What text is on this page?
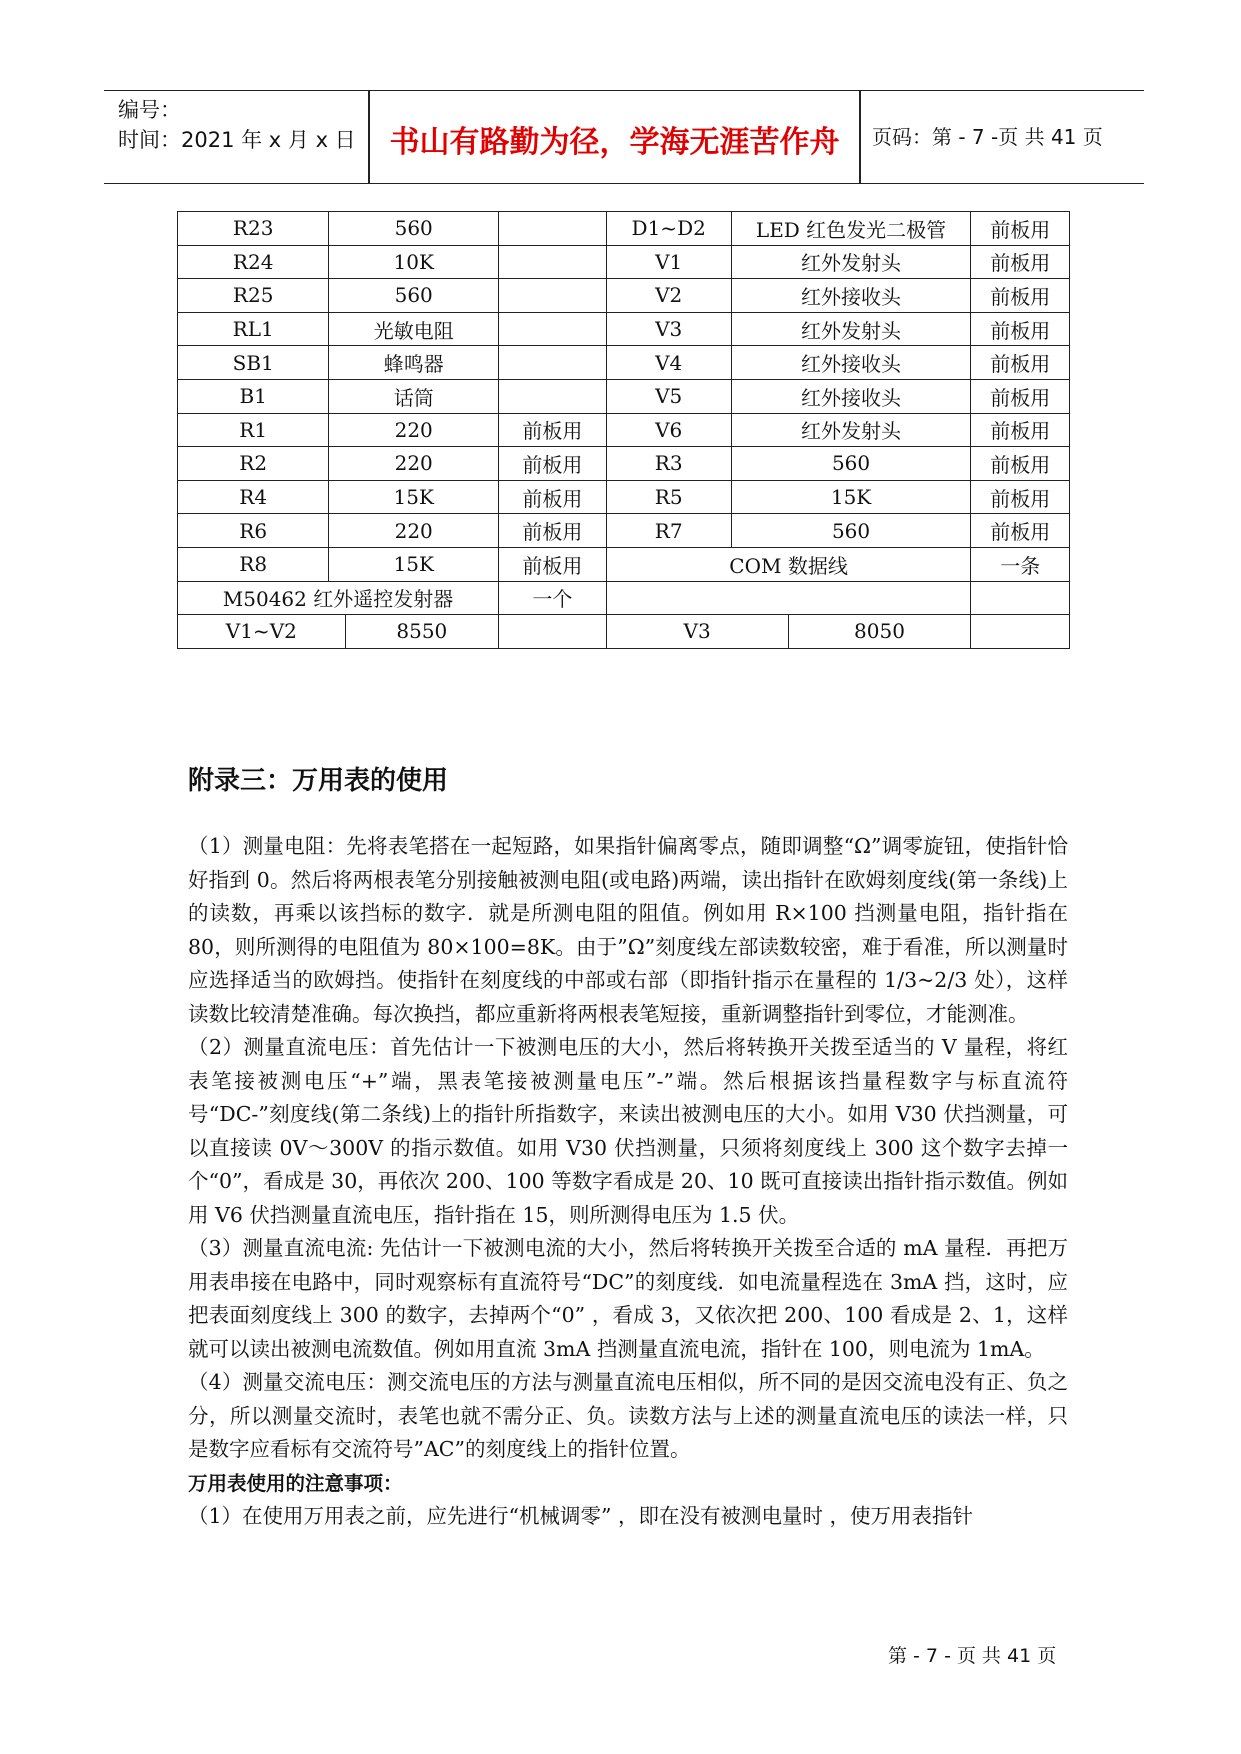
编号：
时间：2021 年 x 月 x 日	书山有路勤为径，学海无涯苦作舟	页码：第 - 7 -页 共 41 页
R23	560			D1~D2	LED 红色发光二极管		前板用
R24	10K			V1	红外发射头		前板用
R25	560			V2	红外接收头		前板用
RL1	光敏电阻			V3	红外发射头		前板用
SB1	蜂鸣器			V4	红外接收头		前板用
B1	话筒			V5	红外接收头		前板用
R1	220		前板用	V6	红外发射头		前板用
R2	220		前板用	R3	560		前板用
R4	15K		前板用	R5	15K		前板用
R6	220		前板用	R7	560		前板用
R8	15K		前板用	COM 数据线			一条
M50462 红外遥控发射器			一个				
V1~V2		8550		V3		8050	
附录三：万用表的使用

（1）测量电阻：先将表笔搭在一起短路，如果指针偏离零点，随即调整“Ω”调零旋钮，使指针恰好指到 0。然后将两根表笔分别接触被测电阻(或电路)两端，读出指针在欧姆刻度线(第一条线)上的读数，再乘以该挡标的数字．就是所测电阻的阻值。例如用 R×100 挡测量电阻，指针指在 80，则所测得的电阻值为 80×100=8K。由于”Ω”刻度线左部读数较密，难于看准，所以测量时应选择适当的欧姆挡。使指针在刻度线的中部或右部（即指针指示在量程的 1/3~2/3 处），这样读数比较清楚准确。每次换挡，都应重新将两根表笔短接，重新调整指针到零位，才能测准。

（2）测量直流电压：首先估计一下被测电压的大小，然后将转换开关拨至适当的 V 量程，将红表笔接被测电压“+”端，黑表笔接被测量电压”-”端。然后根据该挡量程数字与标直流符号“DC-”刻度线(第二条线)上的指针所指数字，来读出被测电压的大小。如用 V30 伏挡测量，可以直接读 0V～300V 的指示数值。如用 V30 伏挡测量，只须将刻度线上 300 这个数字去掉一个“0”，看成是 30，再依次 200、100 等数字看成是 20、10 既可直接读出指针指示数值。例如用 V6 伏挡测量直流电压，指针指在 15，则所测得电压为 1.5 伏。

（3）测量直流电流: 先估计一下被测电流的大小，然后将转换开关拨至合适的 mA 量程．再把万用表串接在电路中，同时观察标有直流符号“DC”的刻度线．如电流量程选在 3mA 挡，这时，应把表面刻度线上 300 的数字，去掉两个“0” ，看成 3，又依次把 200、100 看成是 2、1，这样就可以读出被测电流数值。例如用直流 3mA 挡测量直流电流，指针在 100，则电流为 1mA。

（4）测量交流电压：测交流电压的方法与测量直流电压相似，所不同的是因交流电没有正、负之分，所以测量交流时，表笔也就不需分正、负。读数方法与上述的测量直流电压的读法一样，只是数字应看标有交流符号”AC”的刻度线上的指针位置。

万用表使用的注意事项：

（1）在使用万用表之前，应先进行“机械调零” ，即在没有被测电量时 ，使万用表指针

第 - 7 - 页 共 41 页
